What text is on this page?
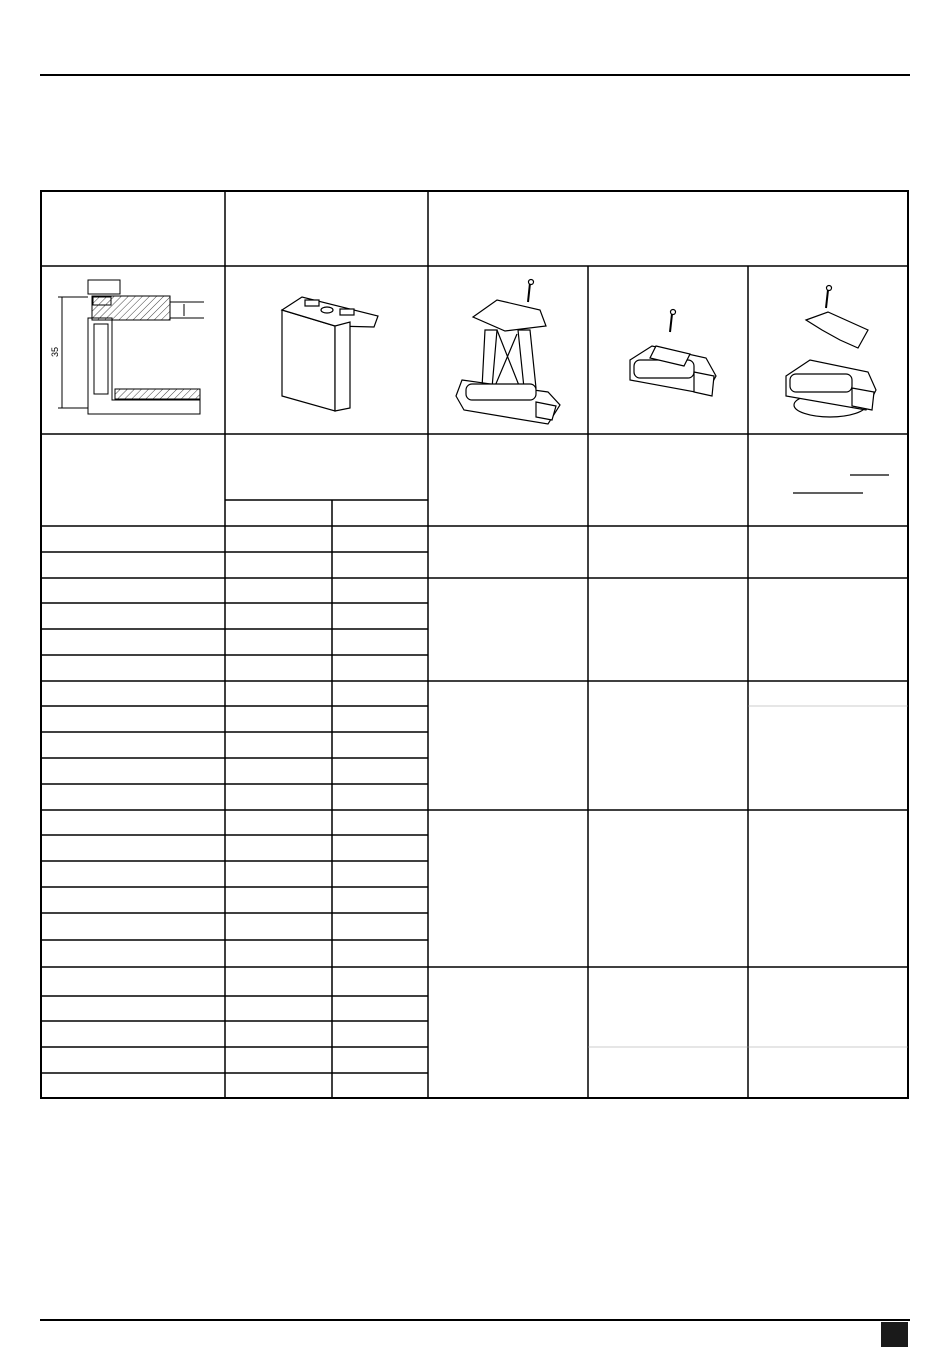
35
